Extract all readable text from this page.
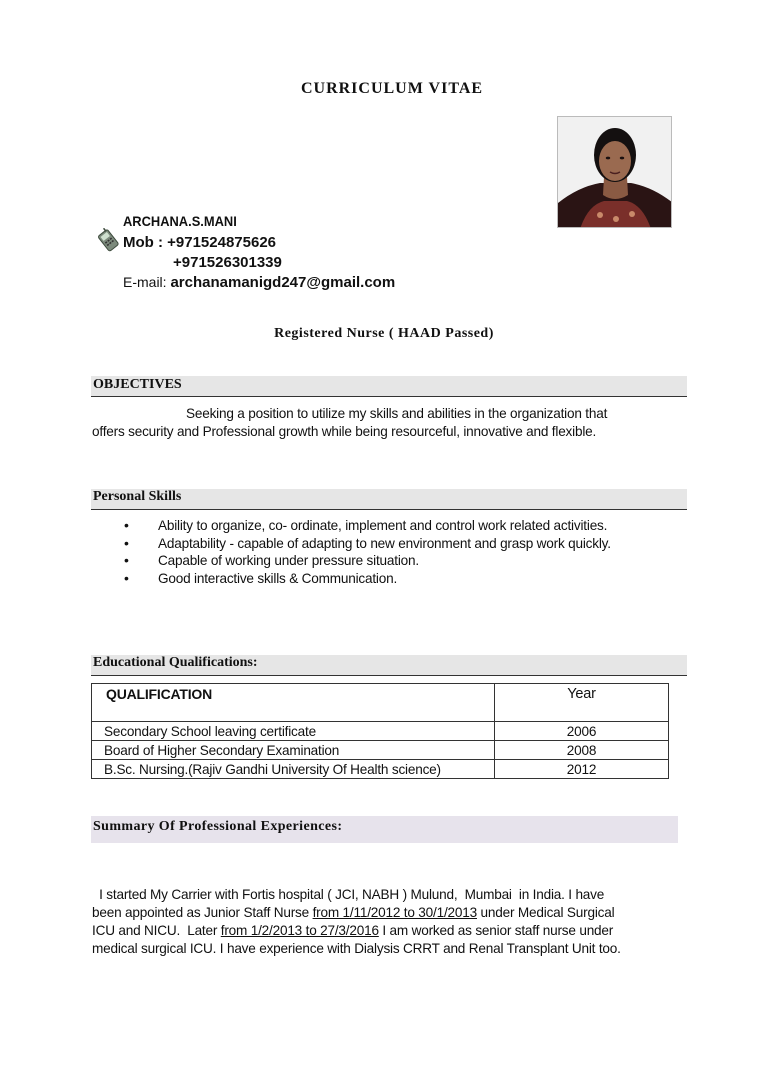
CURRICULUM VITAE
ARCHANA.S.MANI
Mob : +971524875626
+971526301339
E-mail: archanamanigd247@gmail.com
Registered Nurse ( HAAD Passed)
OBJECTIVES
Seeking a position to utilize my skills and abilities in the organization that
offers security and Professional growth while being resourceful, innovative and flexible.
Personal Skills
• Ability to organize, co- ordinate, implement and control work related activities.
• Adaptability - capable of adapting to new environment and grasp work quickly.
• Capable of working under pressure situation.
• Good interactive skills & Communication.
Educational Qualifications:
QUALIFICATION	Year
Secondary School leaving certificate	2006
Board of Higher Secondary Examination	2008
B.Sc. Nursing.(Rajiv Gandhi University Of Health science)	2012
Summary Of Professional Experiences:
I started My Carrier with Fortis hospital ( JCI, NABH ) Mulund,  Mumbai  in India. I have
been appointed as Junior Staff Nurse from 1/11/2012 to 30/1/2013 under Medical Surgical
ICU and NICU.  Later from 1/2/2013 to 27/3/2016 I am worked as senior staff nurse under
medical surgical ICU. I have experience with Dialysis CRRT and Renal Transplant Unit too.
